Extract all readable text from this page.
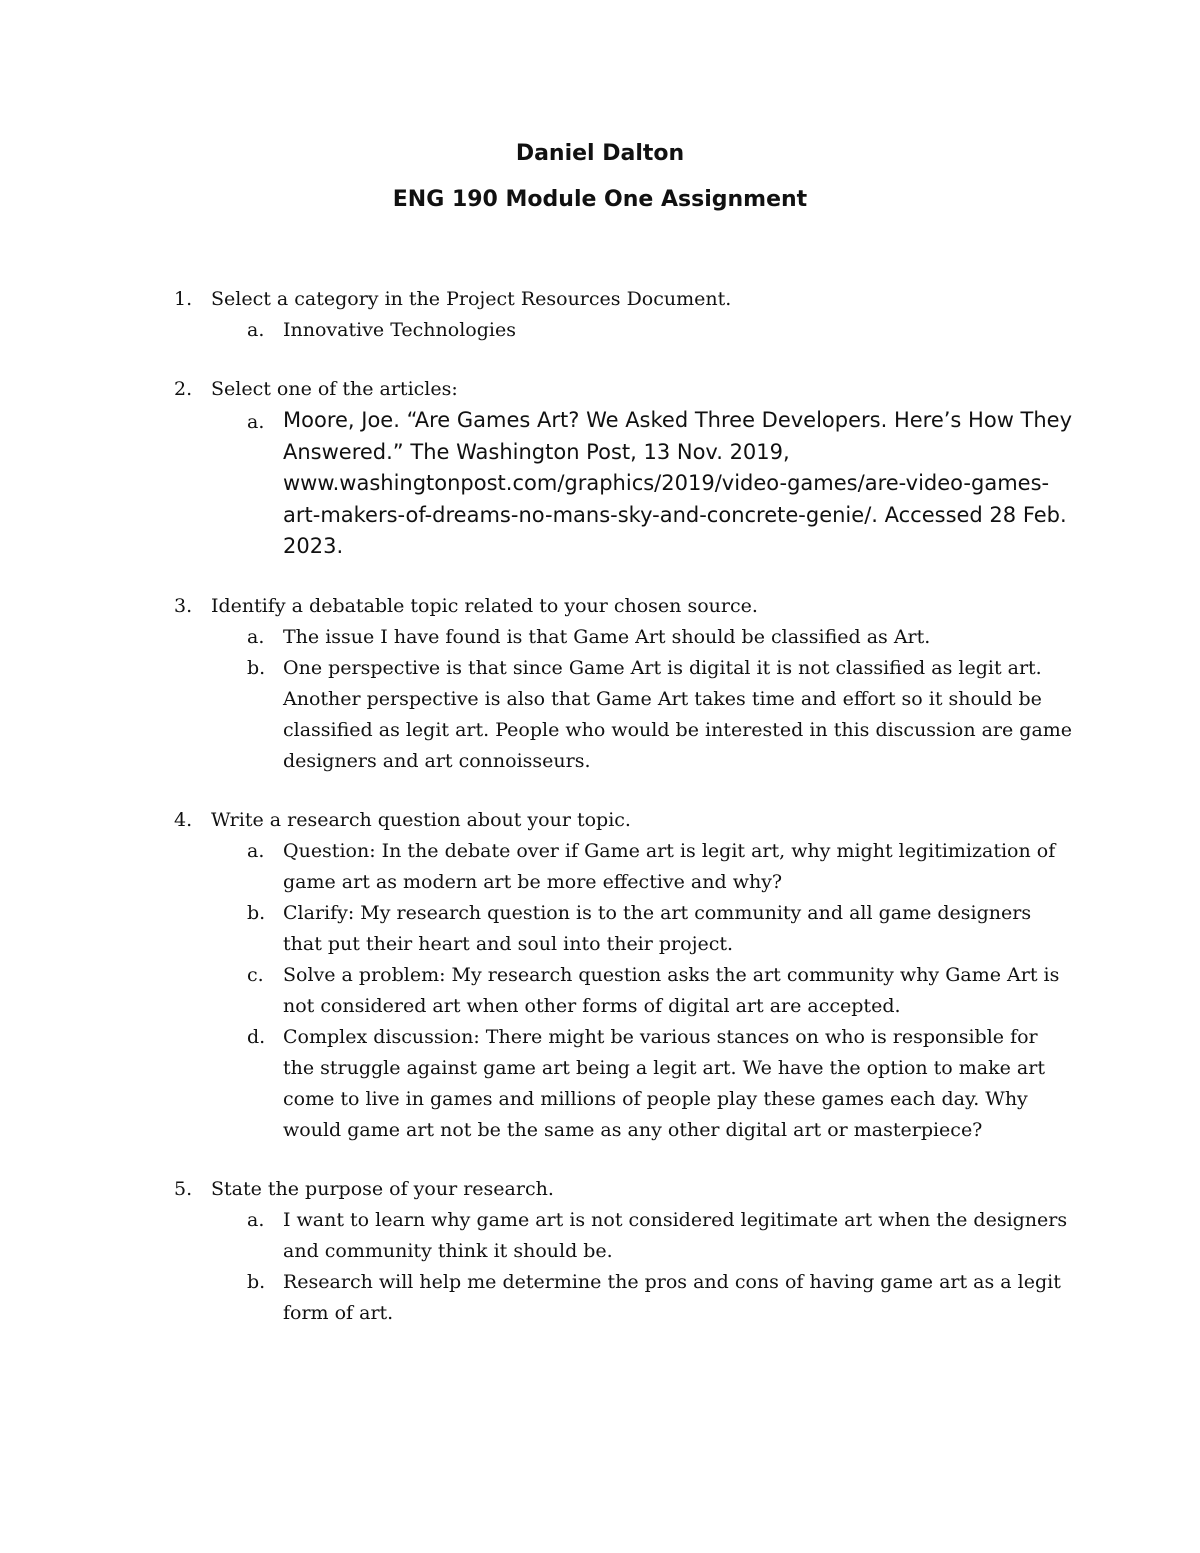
Daniel Dalton
ENG 190 Module One Assignment
1. Select a category in the Project Resources Document.
a. Innovative Technologies
2. Select one of the articles:
a. Moore, Joe. “Are Games Art? We Asked Three Developers. Here’s How They Answered.” The Washington Post, 13 Nov. 2019, www.washingtonpost.com/graphics/2019/video-games/are-video-games-art-makers-of-dreams-no-mans-sky-and-concrete-genie/. Accessed 28 Feb. 2023.
3. Identify a debatable topic related to your chosen source.
a. The issue I have found is that Game Art should be classified as Art.
b. One perspective is that since Game Art is digital it is not classified as legit art. Another perspective is also that Game Art takes time and effort so it should be classified as legit art. People who would be interested in this discussion are game designers and art connoisseurs.
4. Write a research question about your topic.
a. Question: In the debate over if Game art is legit art, why might legitimization of game art as modern art be more effective and why?
b. Clarify: My research question is to the art community and all game designers that put their heart and soul into their project.
c. Solve a problem: My research question asks the art community why Game Art is not considered art when other forms of digital art are accepted.
d. Complex discussion: There might be various stances on who is responsible for the struggle against game art being a legit art. We have the option to make art come to live in games and millions of people play these games each day. Why would game art not be the same as any other digital art or masterpiece?
5. State the purpose of your research.
a. I want to learn why game art is not considered legitimate art when the designers and community think it should be.
b. Research will help me determine the pros and cons of having game art as a legit form of art.
